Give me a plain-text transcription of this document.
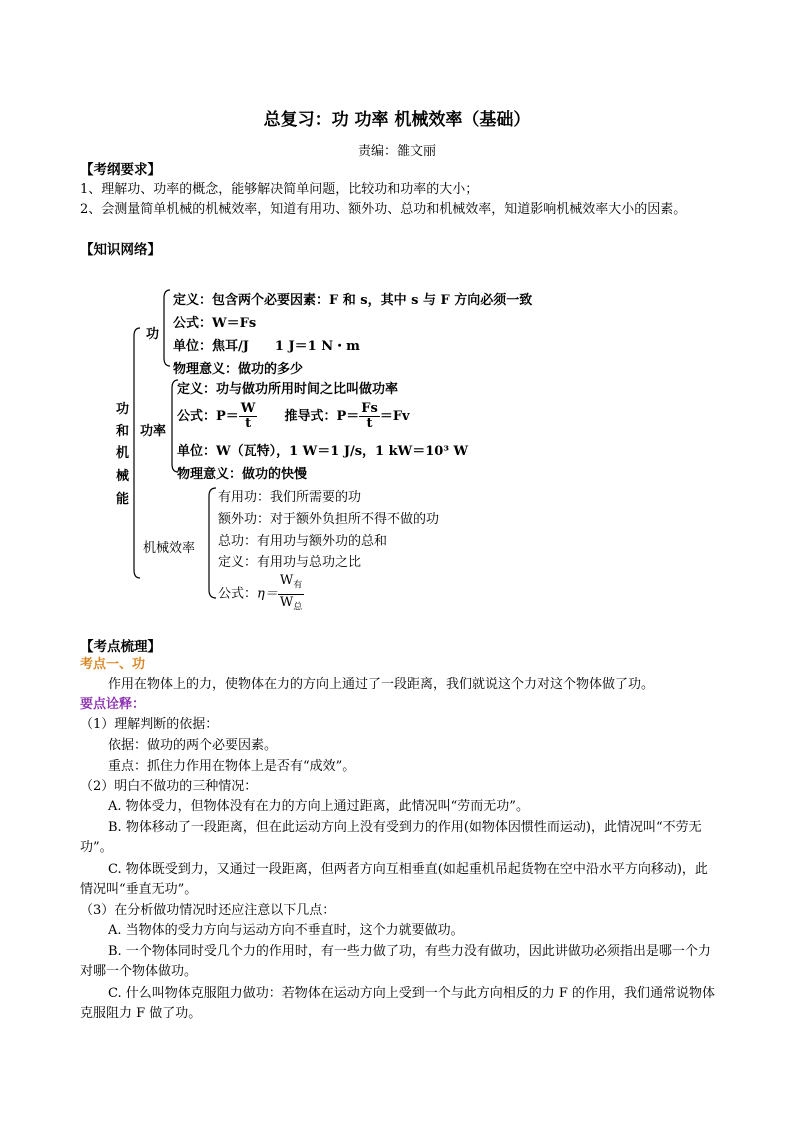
总复习：功 功率 机械效率（基础）
责编：雒文丽
【考纲要求】
1、理解功、功率的概念，能够解决简单问题，比较功和功率的大小；
2、会测量简单机械的机械效率，知道有用功、额外功、总功和机械效率，知道影响机械效率大小的因素。
【知识网络】
功
和
机
械
能
功
定义：包含两个必要因素：F 和 s，其中 s 与 F 方向必须一致
公式：W＝Fs
单位：焦耳/J　　1 J＝1 N・m
物理意义：做功的多少
功率
定义：功与做功所用时间之比叫做功率
公式：$P= \frac{W}{t}$ 推导式：$P= \frac{Fs}{t} =Fv$
单位：W（瓦特），1 W＝1 J/s，1 kW＝10³ W
物理意义：做功的快慢
机械效率
有用功：我们所需要的功
额外功：对于额外负担所不得不做的功
总功：有用功与额外功的总和
定义：有用功与总功之比
公式：$\eta= \frac{W_有}{W_总}$
【考点梳理】
考点一、功
作用在物体上的力，使物体在力的方向上通过了一段距离，我们就说这个力对这个物体做了功。
要点诠释：
（1）理解判断的依据：
依据：做功的两个必要因素。
重点：抓住力作用在物体上是否有“成效”。
（2）明白不做功的三种情况：
A. 物体受力，但物体没有在力的方向上通过距离，此情况叫“劳而无功”。
B. 物体移动了一段距离，但在此运动方向上没有受到力的作用(如物体因惯性而运动)，此情况叫“不劳无功”。
C. 物体既受到力，又通过一段距离，但两者方向互相垂直(如起重机吊起货物在空中沿水平方向移动)，此情况叫“垂直无功”。
（3）在分析做功情况时还应注意以下几点：
A. 当物体的受力方向与运动方向不垂直时，这个力就要做功。
B. 一个物体同时受几个力的作用时，有一些力做了功，有些力没有做功，因此讲做功必须指出是哪一个力对哪一个物体做功。
C. 什么叫物体克服阻力做功：若物体在运动方向上受到一个与此方向相反的力 F 的作用，我们通常说物体克服阻力 F 做了功。
